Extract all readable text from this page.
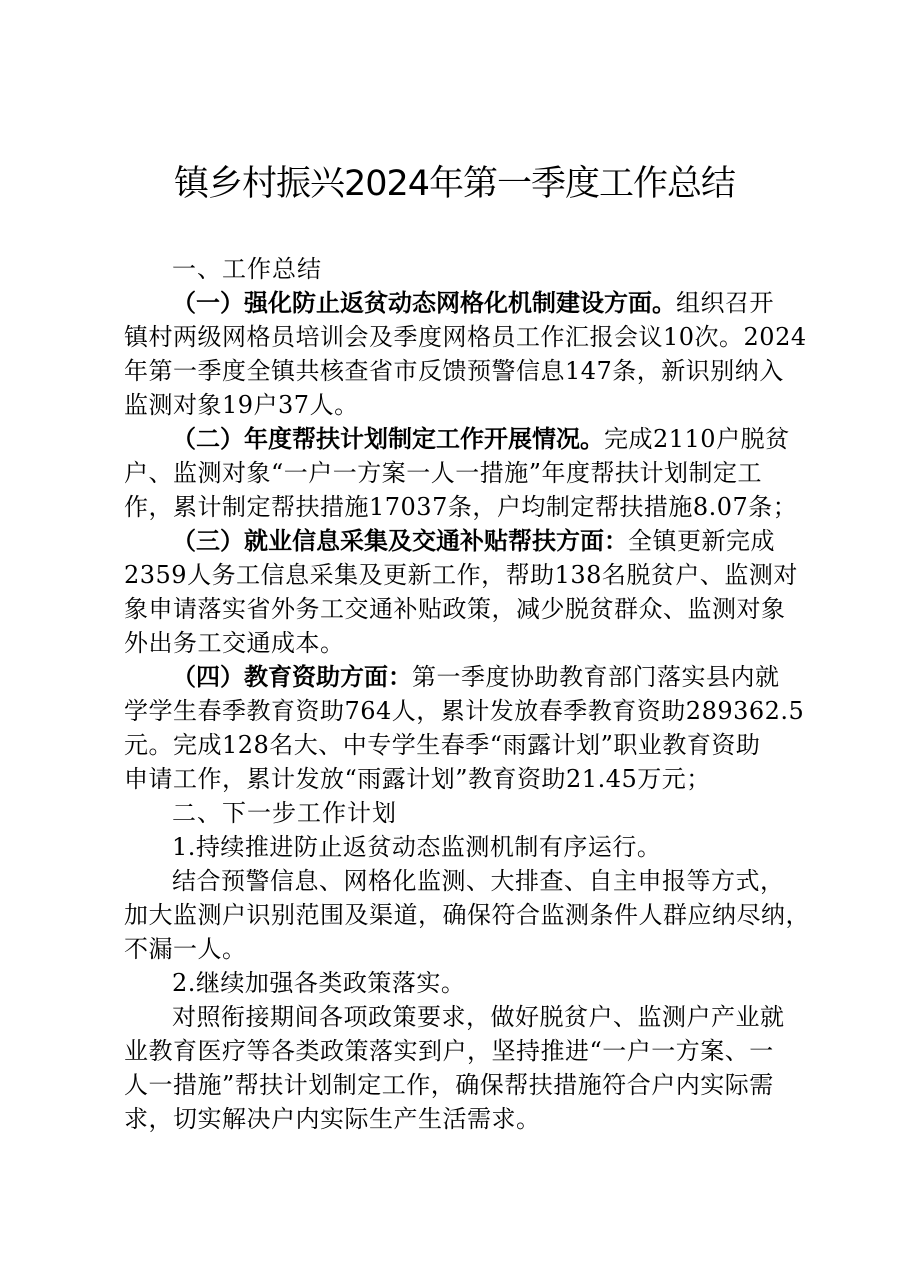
镇乡村振兴2024年第一季度工作总结
一、工作总结
（一）强化防止返贫动态网格化机制建设方面。组织召开
镇村两级网格员培训会及季度网格员工作汇报会议10次。2024
年第一季度全镇共核查省市反馈预警信息147条，新识别纳入
监测对象19户37人。
（二）年度帮扶计划制定工作开展情况。完成2110户脱贫
户、监测对象“一户一方案一人一措施”年度帮扶计划制定工
作，累计制定帮扶措施17037条，户均制定帮扶措施8.07条；
（三）就业信息采集及交通补贴帮扶方面：全镇更新完成
2359人务工信息采集及更新工作，帮助138名脱贫户、监测对
象申请落实省外务工交通补贴政策，减少脱贫群众、监测对象
外出务工交通成本。
（四）教育资助方面：第一季度协助教育部门落实县内就
学学生春季教育资助764人，累计发放春季教育资助289362.5
元。完成128名大、中专学生春季“雨露计划”职业教育资助
申请工作，累计发放“雨露计划”教育资助21.45万元；
二、下一步工作计划
1.持续推进防止返贫动态监测机制有序运行。
结合预警信息、网格化监测、大排查、自主申报等方式，
加大监测户识别范围及渠道，确保符合监测条件人群应纳尽纳，
不漏一人。
2.继续加强各类政策落实。
对照衔接期间各项政策要求，做好脱贫户、监测户产业就
业教育医疗等各类政策落实到户，坚持推进“一户一方案、一
人一措施”帮扶计划制定工作，确保帮扶措施符合户内实际需
求，切实解决户内实际生产生活需求。
